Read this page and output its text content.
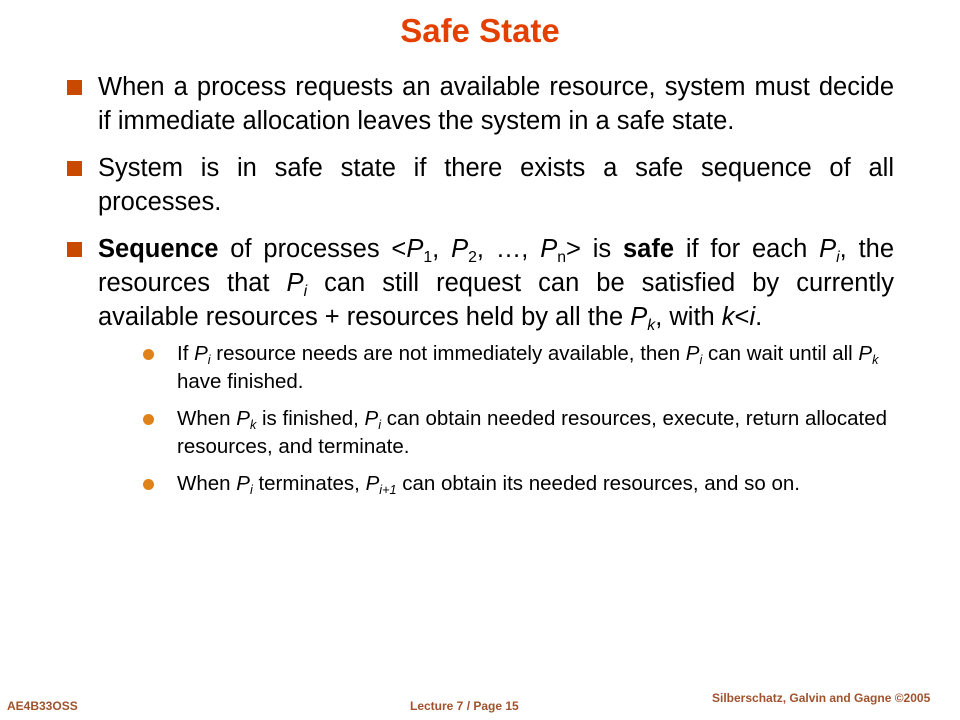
Safe State
When a process requests an available resource, system must decide if immediate allocation leaves the system in a safe state.
System is in safe state if there exists a safe sequence of all processes.
Sequence of processes $<P_1$, $P_2$, …, $P_n>$ is safe if for each $P_i$, the resources that $P_i$ can still request can be satisfied by currently available resources + resources held by all the $P_k$, with k<i.
If $P_i$ resource needs are not immediately available, then $P_i$ can wait until all $P_k$ have finished.
When $P_k$ is finished, $P_i$ can obtain needed resources, execute, return allocated resources, and terminate.
When $P_i$ terminates, $P_{i+1}$ can obtain its needed resources, and so on.
AE4B33OSS	Lecture 7 / Page 15
Silberschatz, Galvin and Gagne ©2005
